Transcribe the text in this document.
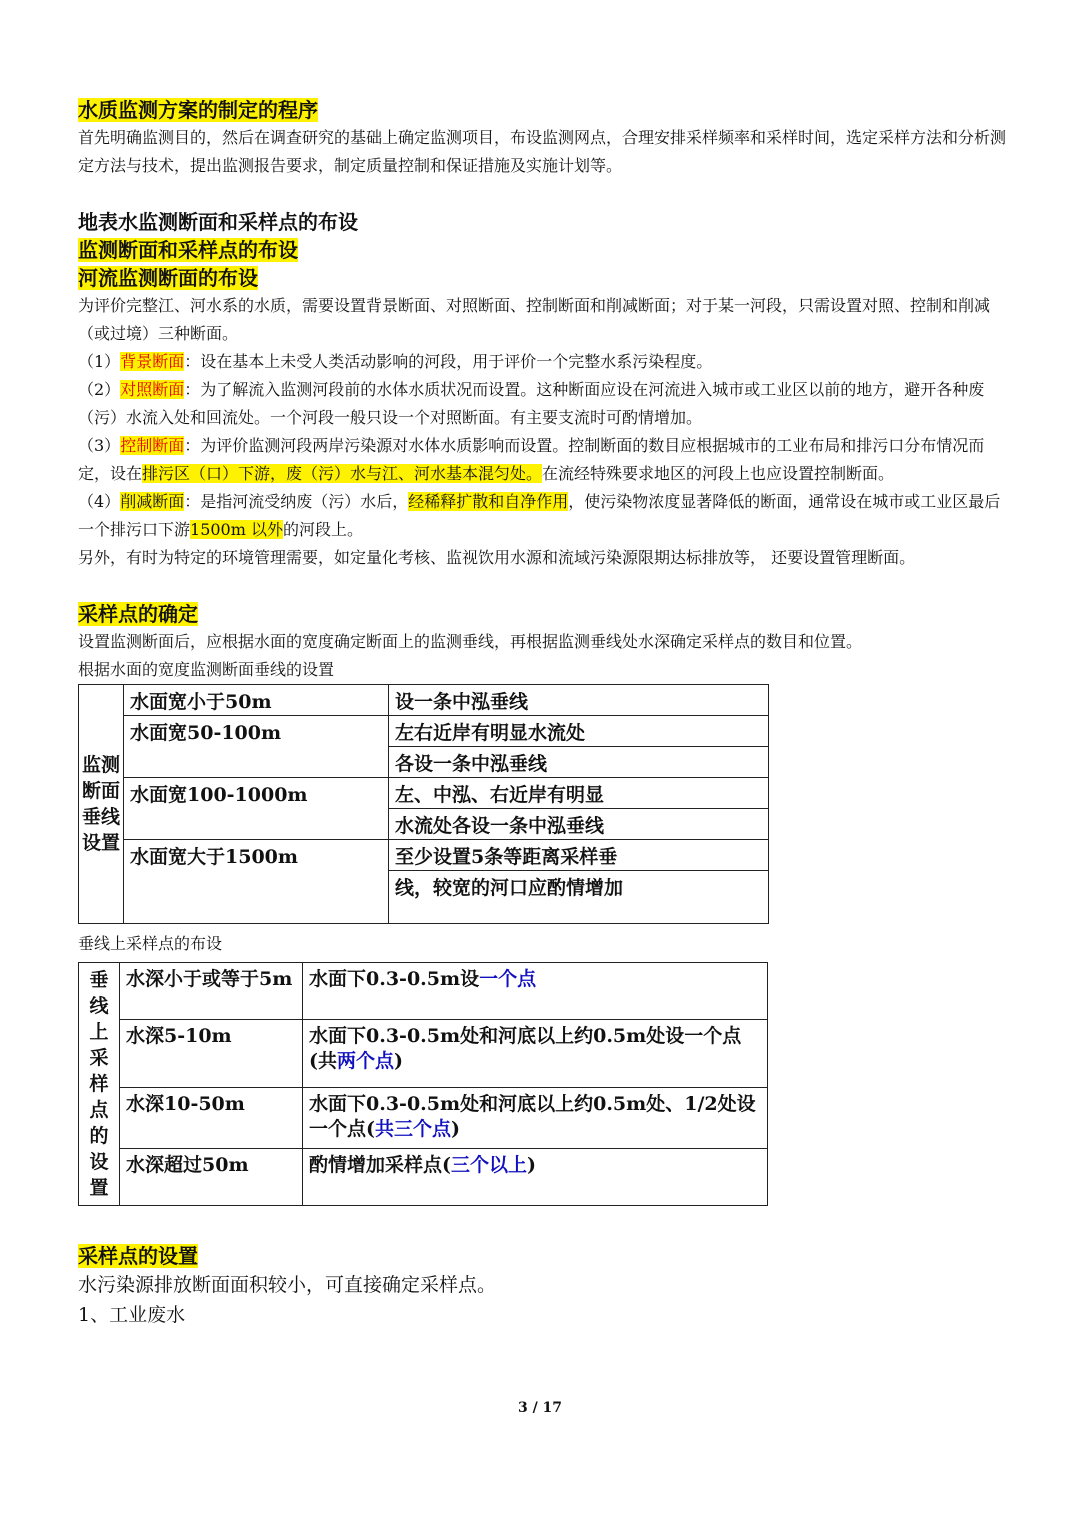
水质监测方案的制定的程序

首先明确监测目的，然后在调查研究的基础上确定监测项目，布设监测网点，合理安排采样频率和采样时间，选定采样方法和分析测定方法与技术，提出监测报告要求，制定质量控制和保证措施及实施计划等。

地表水监测断面和采样点的布设
监测断面和采样点的布设
河流监测断面的布设

为评价完整江、河水系的水质，需要设置背景断面、对照断面、控制断面和削减断面；对于某一河段，只需设置对照、控制和削减（或过境）三种断面。

（1）背景断面：设在基本上未受人类活动影响的河段，用于评价一个完整水系污染程度。

（2）对照断面：为了解流入监测河段前的水体水质状况而设置。这种断面应设在河流进入城市或工业区以前的地方，避开各种废（污）水流入处和回流处。一个河段一般只设一个对照断面。有主要支流时可酌情增加。

（3）控制断面：为评价监测河段两岸污染源对水体水质影响而设置。控制断面的数目应根据城市的工业布局和排污口分布情况而定，设在排污区（口）下游，废（污）水与江、河水基本混匀处。在流经特殊要求地区的河段上也应设置控制断面。

（4）削减断面：是指河流受纳废（污）水后，经稀释扩散和自净作用，使污染物浓度显著降低的断面，通常设在城市或工业区最后一个排污口下游1500m 以外的河段上。

另外，有时为特定的环境管理需要，如定量化考核、监视饮用水源和流域污染源限期达标排放等， 还要设置管理断面。

采样点的确定

设置监测断面后，应根据水面的宽度确定断面上的监测垂线，再根据监测垂线处水深确定采样点的数目和位置。

根据水面的宽度监测断面垂线的设置

监测断面垂线设置	水面宽小于50m	设一条中泓垂线
	水面宽50-100m	左右近岸有明显水流处
		各设一条中泓垂线
	水面宽100-1000m	左、中泓、右近岸有明显
		水流处各设一条中泓垂线
	水面宽大于1500m	至少设置5条等距离采样垂
		线，较宽的河口应酌情增加

垂线上采样点的布设

垂线上采样点的设置	水深小于或等于5m	水面下0.3-0.5m设一个点
	水深5-10m	水面下0.3-0.5m处和河底以上约0.5m处设一个点(共两个点)
	水深10-50m	水面下0.3-0.5m处和河底以上约0.5m处、1/2处设一个点(共三个点)
	水深超过50m	酌情增加采样点(三个以上)
采样点的设置

水污染源排放断面面积较小，可直接确定采样点。

1、工业废水

3 / 17
